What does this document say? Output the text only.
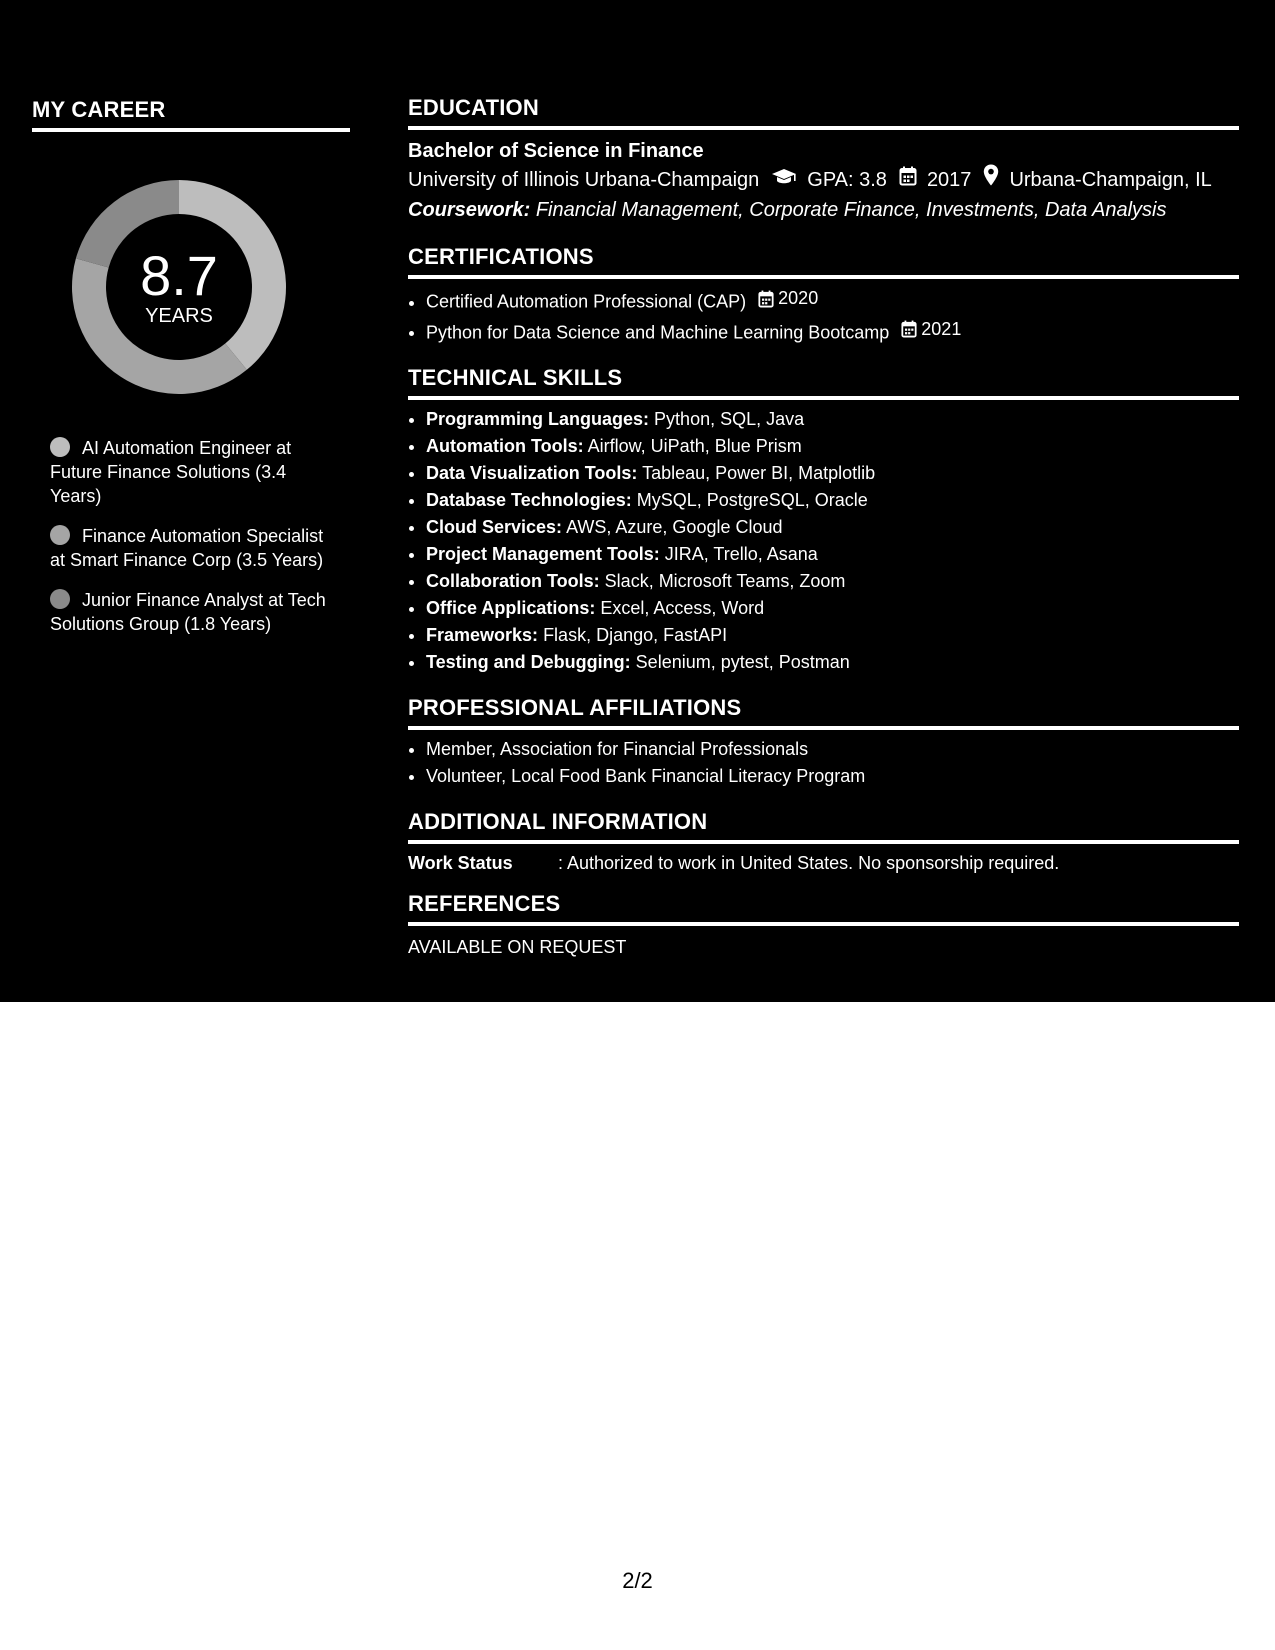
MY CAREER
8.7
YEARS
AI Automation Engineer at Future Finance Solutions (3.4 Years)
Finance Automation Specialist at Smart Finance Corp (3.5 Years)
Junior Finance Analyst at Tech Solutions Group (1.8 Years)
EDUCATION
Bachelor of Science in Finance
University of Illinois Urbana-Champaign GPA: 3.8 2017 Urbana-Champaign, IL
Coursework: Financial Management, Corporate Finance, Investments, Data Analysis
CERTIFICATIONS
• Certified Automation Professional (CAP) 2020
• Python for Data Science and Machine Learning Bootcamp 2021
TECHNICAL SKILLS
• Programming Languages: Python, SQL, Java
• Automation Tools: Airflow, UiPath, Blue Prism
• Data Visualization Tools: Tableau, Power BI, Matplotlib
• Database Technologies: MySQL, PostgreSQL, Oracle
• Cloud Services: AWS, Azure, Google Cloud
• Project Management Tools: JIRA, Trello, Asana
• Collaboration Tools: Slack, Microsoft Teams, Zoom
• Office Applications: Excel, Access, Word
• Frameworks: Flask, Django, FastAPI
• Testing and Debugging: Selenium, pytest, Postman
PROFESSIONAL AFFILIATIONS
• Member, Association for Financial Professionals
• Volunteer, Local Food Bank Financial Literacy Program
ADDITIONAL INFORMATION
Work Status	: Authorized to work in United States. No sponsorship required.
REFERENCES
AVAILABLE ON REQUEST
2/2
